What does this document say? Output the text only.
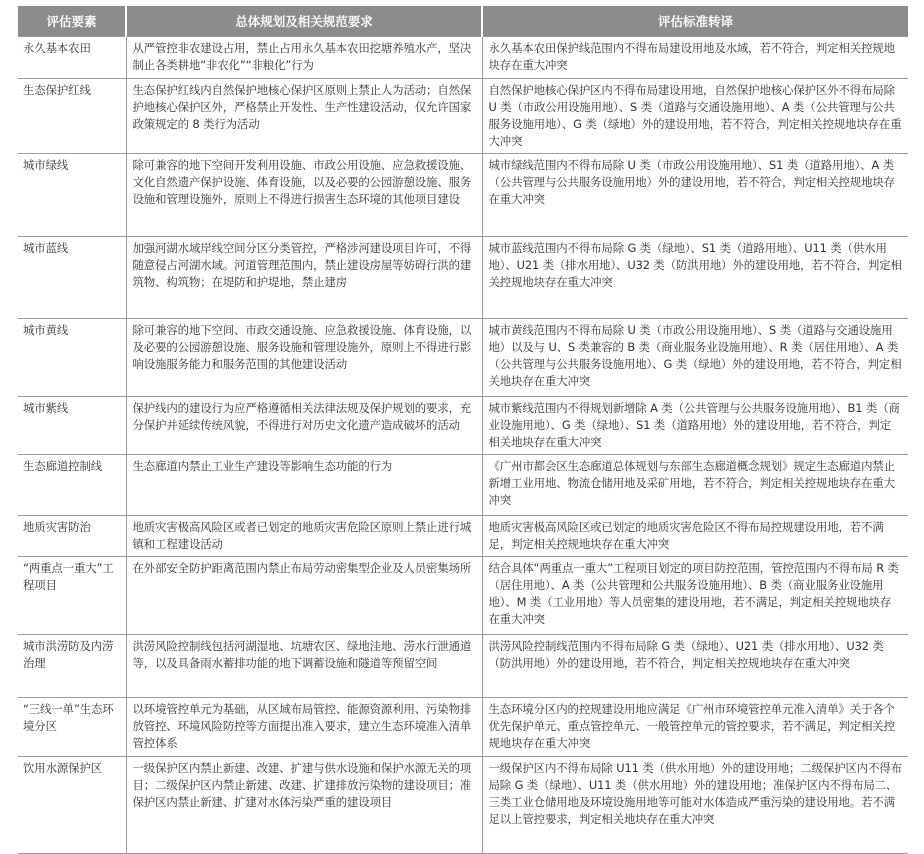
评估要素	总体规划及相关规范要求	评估标准转译
永久基本农田	从严管控非农建设占用，禁止占用永久基本农田挖塘养殖水产，坚决制止各类耕地“非农化”“非粮化”行为	永久基本农田保护线范围内不得布局建设用地及水域，若不符合，判定相关控规地块存在重大冲突
生态保护红线	生态保护红线内自然保护地核心保护区原则上禁止人为活动；自然保护地核心保护区外，严格禁止开发性、生产性建设活动，仅允许国家政策规定的 8 类行为活动	自然保护地核心保护区内不得布局建设用地，自然保护地核心保护区外不得布局除 U 类（市政公用设施用地）、S 类（道路与交通设施用地）、A 类（公共管理与公共服务设施用地）、G 类（绿地）外的建设用地，若不符合，判定相关控规地块存在重大冲突
城市绿线	除可兼容的地下空间开发利用设施、市政公用设施、应急救援设施、文化自然遗产保护设施、体育设施，以及必要的公园游憩设施、服务设施和管理设施外，原则上不得进行损害生态环境的其他项目建设	城市绿线范围内不得布局除 U 类（市政公用设施用地）、S1 类（道路用地）、A 类（公共管理与公共服务设施用地）外的建设用地，若不符合，判定相关控规地块存在重大冲突
城市蓝线	加强河湖水域岸线空间分区分类管控，严格涉河建设项目许可，不得随意侵占河湖水域。河道管理范围内，禁止建设房屋等妨碍行洪的建筑物、构筑物；在堤防和护堤地，禁止建房	城市蓝线范围内不得布局除 G 类（绿地）、S1 类（道路用地）、U11 类（供水用地）、U21 类（排水用地）、U32 类（防洪用地）外的建设用地，若不符合，判定相关控规地块存在重大冲突
城市黄线	除可兼容的地下空间、市政交通设施、应急救援设施、体育设施，以及必要的公园游憩设施、服务设施和管理设施外，原则上不得进行影响设施服务能力和服务范围的其他建设活动	城市黄线范围内不得布局除 U 类（市政公用设施用地）、S 类（道路与交通设施用地）以及与 U、S 类兼容的 B 类（商业服务业设施用地）、R 类（居住用地）、A 类（公共管理与公共服务设施用地）、G 类（绿地）外的建设用地，若不符合，判定相关地块存在重大冲突
城市紫线	保护线内的建设行为应严格遵循相关法律法规及保护规划的要求，充分保护并延续传统风貌，不得进行对历史文化遗产造成破坏的活动	城市紫线范围内不得规划新增除 A 类（公共管理与公共服务设施用地）、B1 类（商业设施用地）、G 类（绿地）、S1 类（道路用地）外的建设用地，若不符合，判定相关地块存在重大冲突
生态廊道控制线	生态廊道内禁止工业生产建设等影响生态功能的行为	《广州市都会区生态廊道总体规划与东部生态廊道概念规划》规定生态廊道内禁止新增工业用地、物流仓储用地及采矿用地，若不符合，判定相关控规地块存在重大冲突
地质灾害防治	地质灾害极高风险区或者已划定的地质灾害危险区原则上禁止进行城镇和工程建设活动	地质灾害极高风险区或已划定的地质灾害危险区不得布局控规建设用地，若不满足，判定相关控规地块存在重大冲突
“两重点一重大”工程项目	在外部安全防护距离范围内禁止布局劳动密集型企业及人员密集场所	结合具体“两重点一重大”工程项目划定的项目防控范围，管控范围内不得布局 R 类（居住用地）、A 类（公共管理和公共服务设施用地）、B 类（商业服务业设施用地）、M 类（工业用地）等人员密集的建设用地，若不满足，判定相关控规地块存在重大冲突
城市洪涝防及内涝治理	洪涝风险控制线包括河湖湿地、坑塘农区、绿地洼地、涝水行泄通道等，以及具备雨水蓄排功能的地下调蓄设施和隧道等预留空间	洪涝风险控制线范围内不得布局除 G 类（绿地）、U21 类（排水用地）、U32 类（防洪用地）外的建设用地，若不符合，判定相关控规地块存在重大冲突
“三线一单”生态环境分区	以环境管控单元为基础，从区域布局管控、能源资源利用、污染物排放管控、环境风险防控等方面提出准入要求，建立生态环境准入清单管控体系	生态环境分区内的控规建设用地应满足《广州市环境管控单元准入清单》关于各个优先保护单元、重点管控单元、一般管控单元的管控要求，若不满足，判定相关控规地块存在重大冲突
饮用水源保护区	一级保护区内禁止新建、改建、扩建与供水设施和保护水源无关的项目；二级保护区内禁止新建、改建、扩建排放污染物的建设项目；准保护区内禁止新建、扩建对水体污染严重的建设项目	一级保护区内不得布局除 U11 类（供水用地）外的建设用地；二级保护区内不得布局除 G 类（绿地）、U11 类（供水用地）外的建设用地；准保护区内不得布局二、三类工业仓储用地及环境设施用地等可能对水体造成严重污染的建设用地。若不满足以上管控要求，判定相关地块存在重大冲突
